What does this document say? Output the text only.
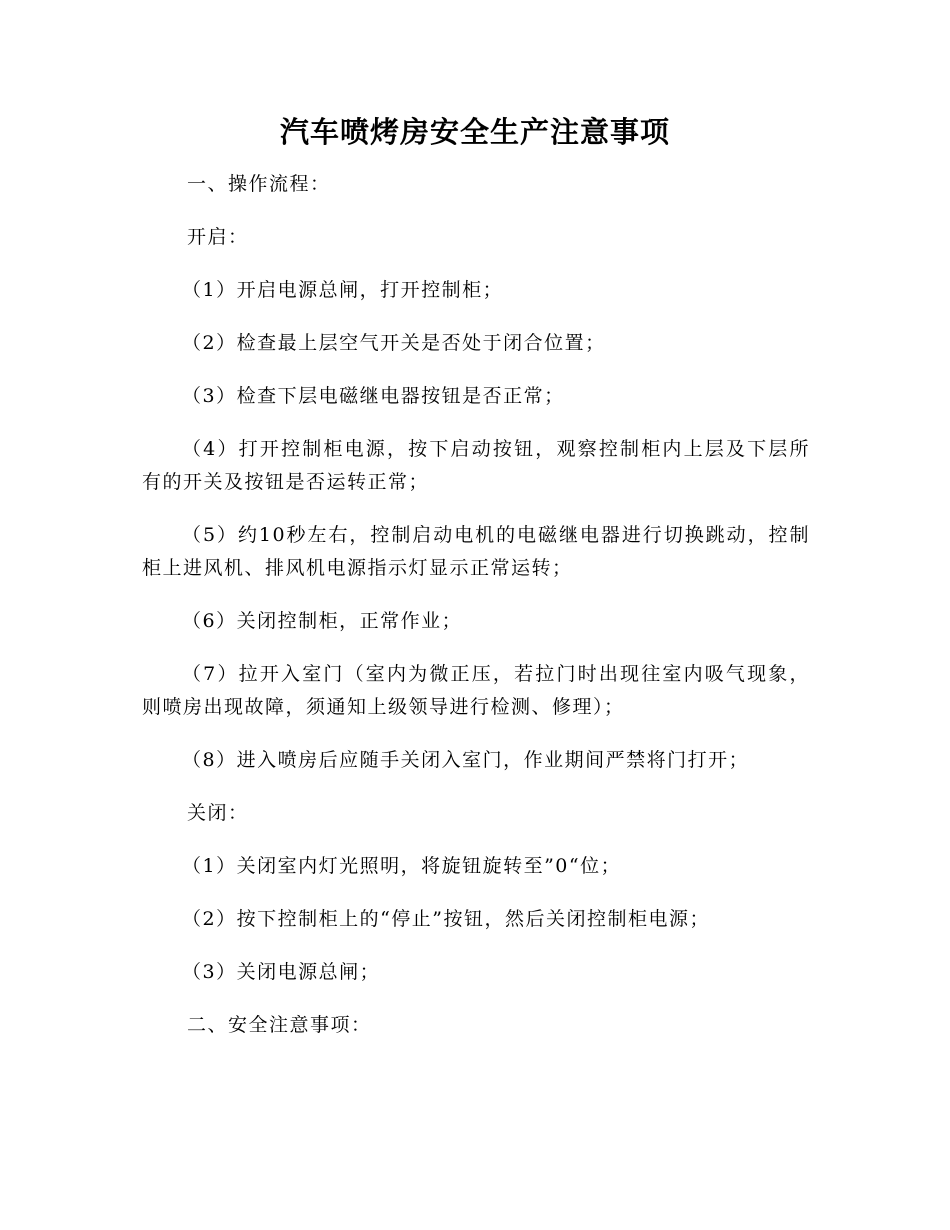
汽车喷烤房安全生产注意事项

一、操作流程：

开启：

（1）开启电源总闸，打开控制柜；

（2）检查最上层空气开关是否处于闭合位置；

（3）检查下层电磁继电器按钮是否正常；

（4）打开控制柜电源，按下启动按钮，观察控制柜内上层及下层所有的开关及按钮是否运转正常；

（5）约10秒左右，控制启动电机的电磁继电器进行切换跳动，控制柜上进风机、排风机电源指示灯显示正常运转；

（6）关闭控制柜，正常作业；

（7）拉开入室门（室内为微正压，若拉门时出现往室内吸气现象，则喷房出现故障，须通知上级领导进行检测、修理）；

（8）进入喷房后应随手关闭入室门，作业期间严禁将门打开；

关闭：

（1）关闭室内灯光照明，将旋钮旋转至”0“位；

（2）按下控制柜上的“停止”按钮，然后关闭控制柜电源；

（3）关闭电源总闸；

二、安全注意事项：
